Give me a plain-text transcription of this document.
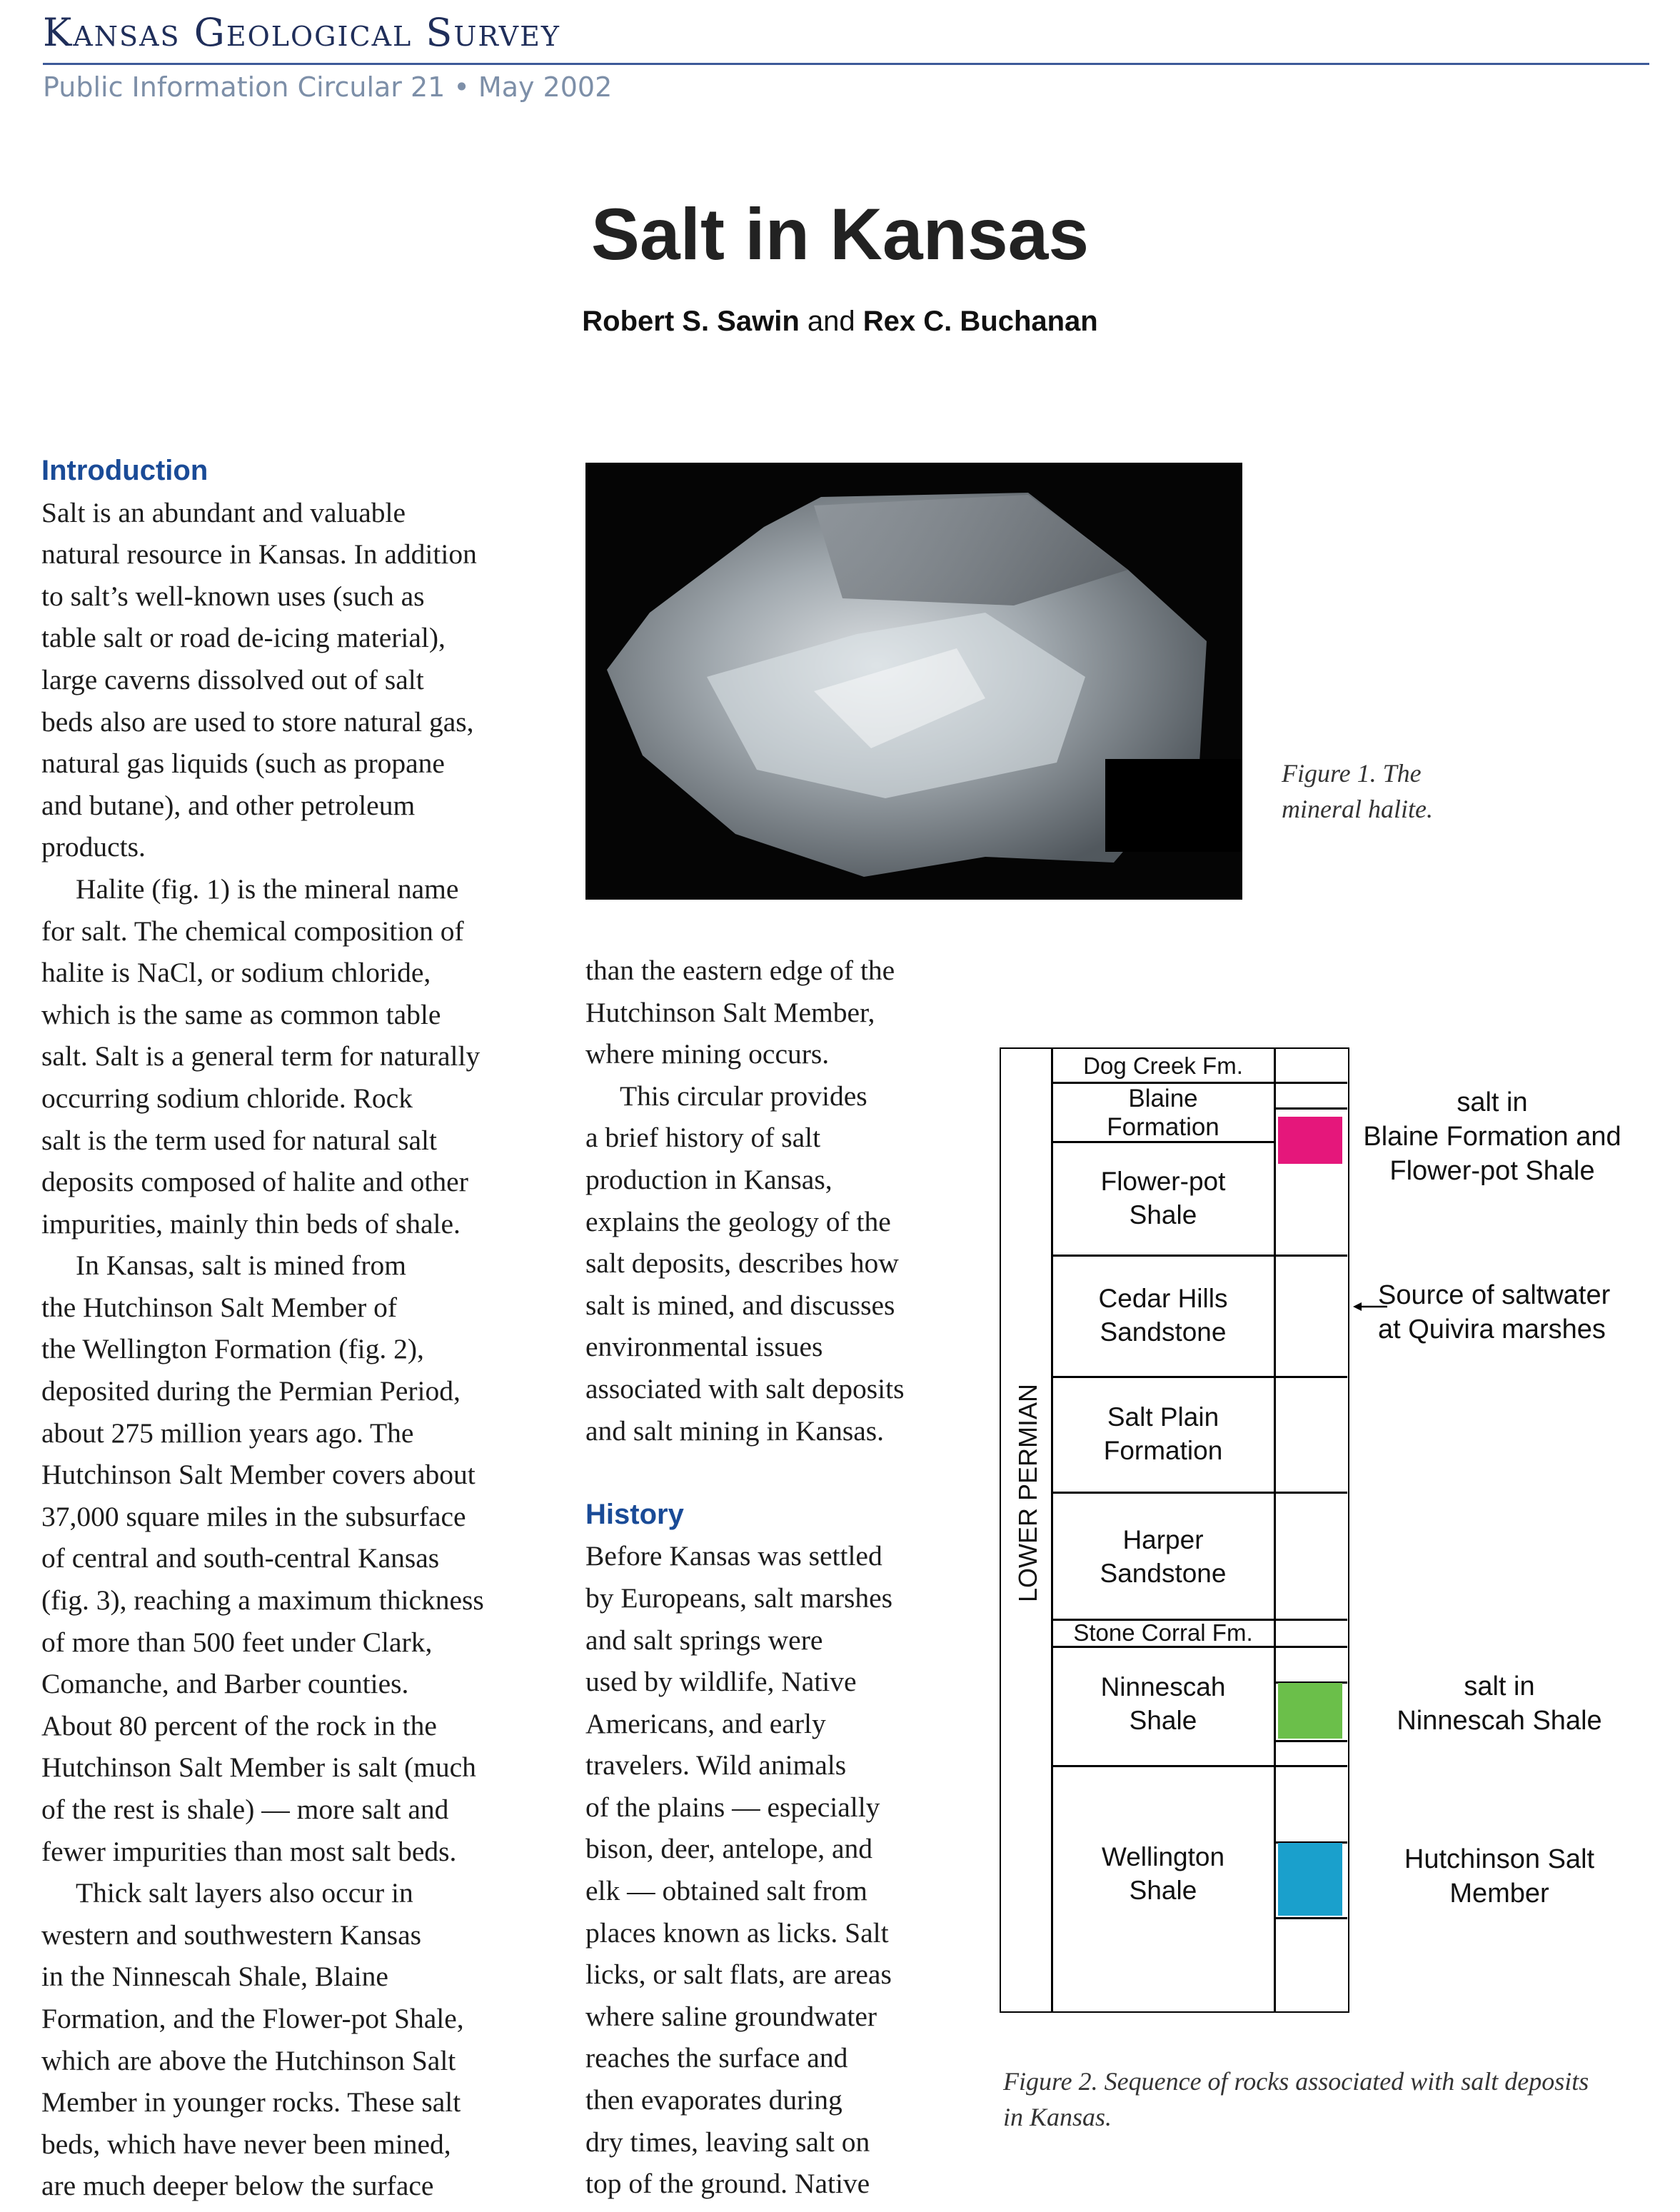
Kansas Geological Survey
Public Information Circular 21 • May 2002
Salt in Kansas
Robert S. Sawin and Rex C. Buchanan
Introduction

Salt is an abundant and valuable

natural resource in Kansas. In addition

to salt’s well-known uses (such as

table salt or road de-icing material),

large caverns dissolved out of salt

beds also are used to store natural gas,

natural gas liquids (such as propane

and butane), and other petroleum

products.

Halite (fig. 1) is the mineral name

for salt. The chemical composition of

halite is NaCl, or sodium chloride,

which is the same as common table

salt. Salt is a general term for naturally

occurring sodium chloride. Rock

salt is the term used for natural salt

deposits composed of halite and other

impurities, mainly thin beds of shale.

In Kansas, salt is mined from

the Hutchinson Salt Member of

the Wellington Formation (fig. 2),

deposited during the Permian Period,

about 275 million years ago. The

Hutchinson Salt Member covers about

37,000 square miles in the subsurface

of central and south-central Kansas

(fig. 3), reaching a maximum thickness

of more than 500 feet under Clark,

Comanche, and Barber counties.

About 80 percent of the rock in the

Hutchinson Salt Member is salt (much

of the rest is shale) — more salt and

fewer impurities than most salt beds.

Thick salt layers also occur in

western and southwestern Kansas

in the Ninnescah Shale, Blaine

Formation, and the Flower-pot Shale,

which are above the Hutchinson Salt

Member in younger rocks. These salt

beds, which have never been mined,

are much deeper below the surface

Figure 1. The
mineral halite.

than the eastern edge of the

Hutchinson Salt Member,

where mining occurs.

This circular provides

a brief history of salt

production in Kansas,

explains the geology of the

salt deposits, describes how

salt is mined, and discusses

environmental issues

associated with salt deposits

and salt mining in Kansas.

History

Before Kansas was settled

by Europeans, salt marshes

and salt springs were

used by wildlife, Native

Americans, and early

travelers. Wild animals

of the plains — especially

bison, deer, antelope, and

elk — obtained salt from

places known as licks. Salt

licks, or salt flats, are areas

where saline groundwater

reaches the surface and

then evaporates during

dry times, leaving salt on

top of the ground. Native

Dog Creek Fm.
Blaine
Formation
Flower-pot
Shale
Cedar Hills
Sandstone
Salt Plain
Formation
Harper
Sandstone
Stone Corral Fm.
Ninnescah
Shale
Wellington
Shale
LOWER PERMIAN
salt in
Blaine Formation and
Flower-pot Shale
Source of saltwater
at Quivira marshes
salt in
Ninnescah Shale
Hutchinson Salt
Member
Figure 2. Sequence of rocks associated with salt deposits
in Kansas.
